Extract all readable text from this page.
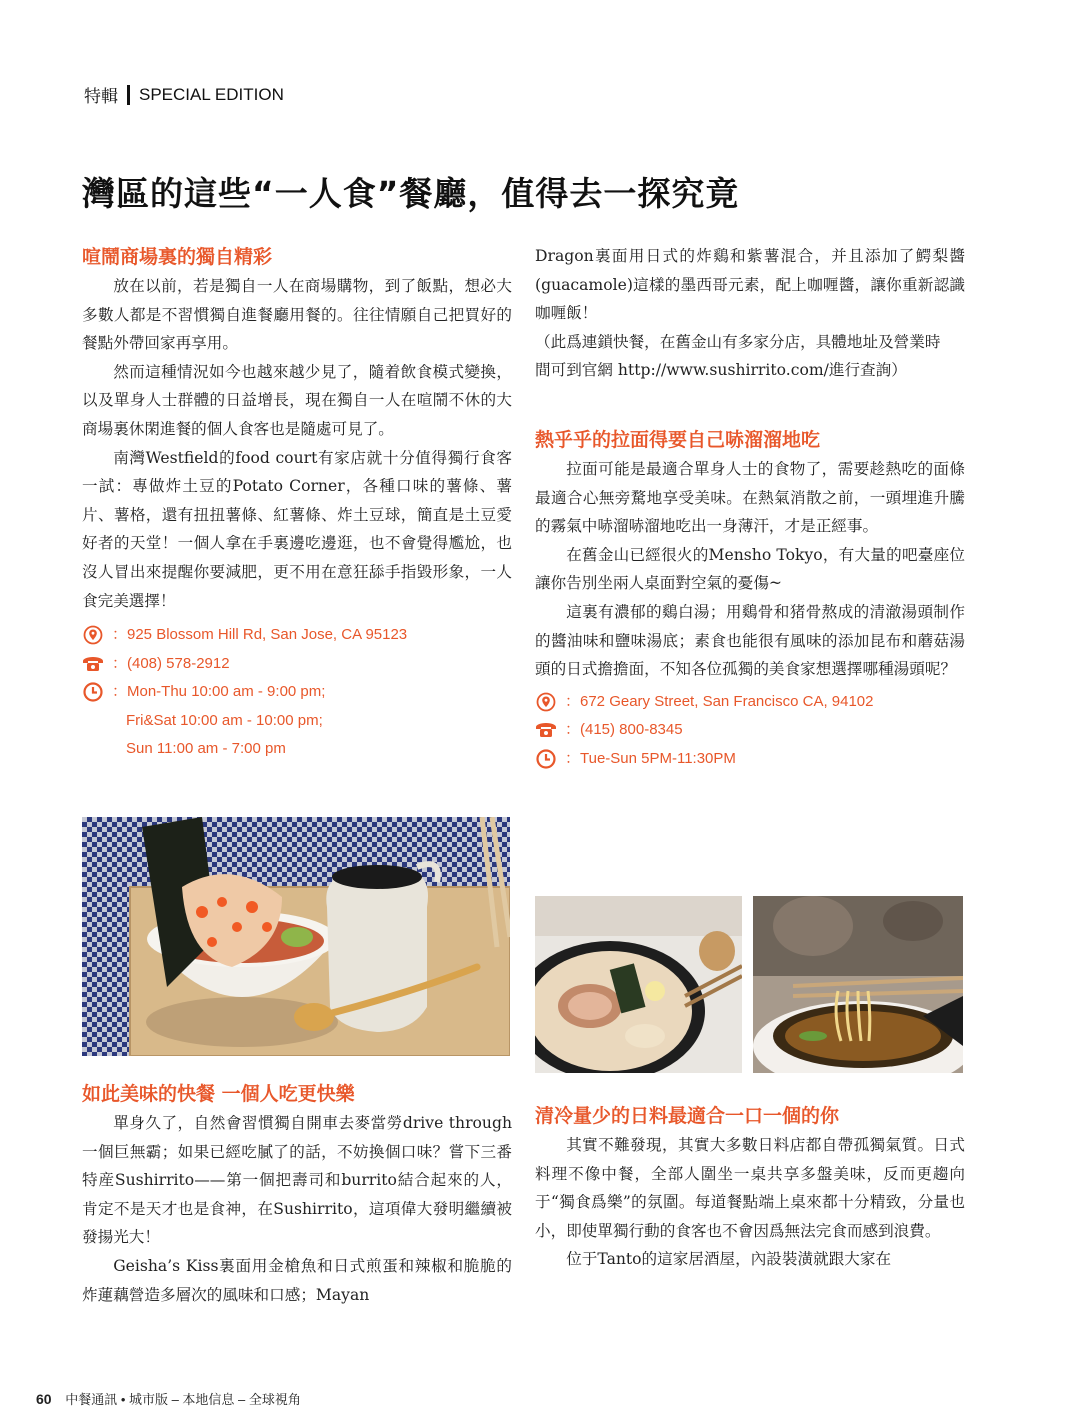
特輯 SPECIAL EDITION
灣區的這些“一人食”餐廳，值得去一探究竟
喧鬧商場裏的獨自精彩

放在以前，若是獨自一人在商場購物，到了飯點，想必大多數人都是不習慣獨自進餐廳用餐的。往往情願自己把買好的餐點外帶回家再享用。

然而這種情況如今也越來越少見了，隨着飲食模式變換，以及單身人士群體的日益增長，現在獨自一人在喧鬧不休的大商場裏休閑進餐的個人食客也是隨處可見了。

南灣Westfield的food court有家店就十分值得獨行食客一試：專做炸土豆的Potato Corner，各種口味的薯條、薯片、薯格，還有扭扭薯條、紅薯條、炸土豆球，簡直是土豆愛好者的天堂！一個人拿在手裏邊吃邊逛，也不會覺得尷尬，也沒人冒出來提醒你要減肥，更不用在意狂舔手指毀形象，一人食完美選擇！

：925 Blossom Hill Rd, San Jose, CA 95123
：(408) 578-2912
：Mon-Thu 10:00 am - 9:00 pm;
Fri&Sat 10:00 am - 10:00 pm;
Sun 11:00 am - 7:00 pm
如此美味的快餐 一個人吃更快樂

單身久了，自然會習慣獨自開車去麥當勞drive through一個巨無霸；如果已經吃膩了的話，不妨換個口味？嘗下三番特産Sushirrito——第一個把壽司和burrito結合起來的人，肯定不是天才也是食神，在Sushirrito，這項偉大發明繼續被發揚光大！

Geisha’s Kiss裏面用金槍魚和日式煎蛋和辣椒和脆脆的炸蓮藕營造多層次的風味和口感；Mayan

Dragon裏面用日式的炸鷄和紫薯混合，并且添加了鰐梨醬(guacamole)這樣的墨西哥元素，配上咖喱醬，讓你重新認識咖喱飯！

（此爲連鎖快餐，在舊金山有多家分店，具體地址及營業時間可到官網 http://www.sushirrito.com/進行查詢）

熱乎乎的拉面得要自己哧溜溜地吃

拉面可能是最適合單身人士的食物了，需要趁熱吃的面條最適合心無旁騖地享受美味。在熱氣消散之前，一頭埋進升騰的霧氣中哧溜哧溜地吃出一身薄汗，才是正經事。

在舊金山已經很火的Mensho Tokyo，有大量的吧臺座位讓你告別坐兩人桌面對空氣的憂傷~

這裏有濃郁的鷄白湯；用鷄骨和猪骨熬成的清澈湯頭制作的醬油味和鹽味湯底；素食也能很有風味的添加昆布和蘑菇湯頭的日式擔擔面，不知各位孤獨的美食家想選擇哪種湯頭呢？

：672 Geary Street, San Francisco CA, 94102
：(415) 800-8345
：Tue-Sun 5PM-11:30PM
清冷量少的日料最適合一口一個的你

其實不難發現，其實大多數日料店都自帶孤獨氣質。日式料理不像中餐，全部人圍坐一桌共享多盤美味，反而更趨向于“獨食爲樂”的氛圍。每道餐點端上桌來都十分精致，分量也小，即使單獨行動的食客也不會因爲無法完食而感到浪費。

位于Tanto的這家居酒屋，內設裝潢就跟大家在

60 中餐通訊 • 城市版 – 本地信息 – 全球視角
